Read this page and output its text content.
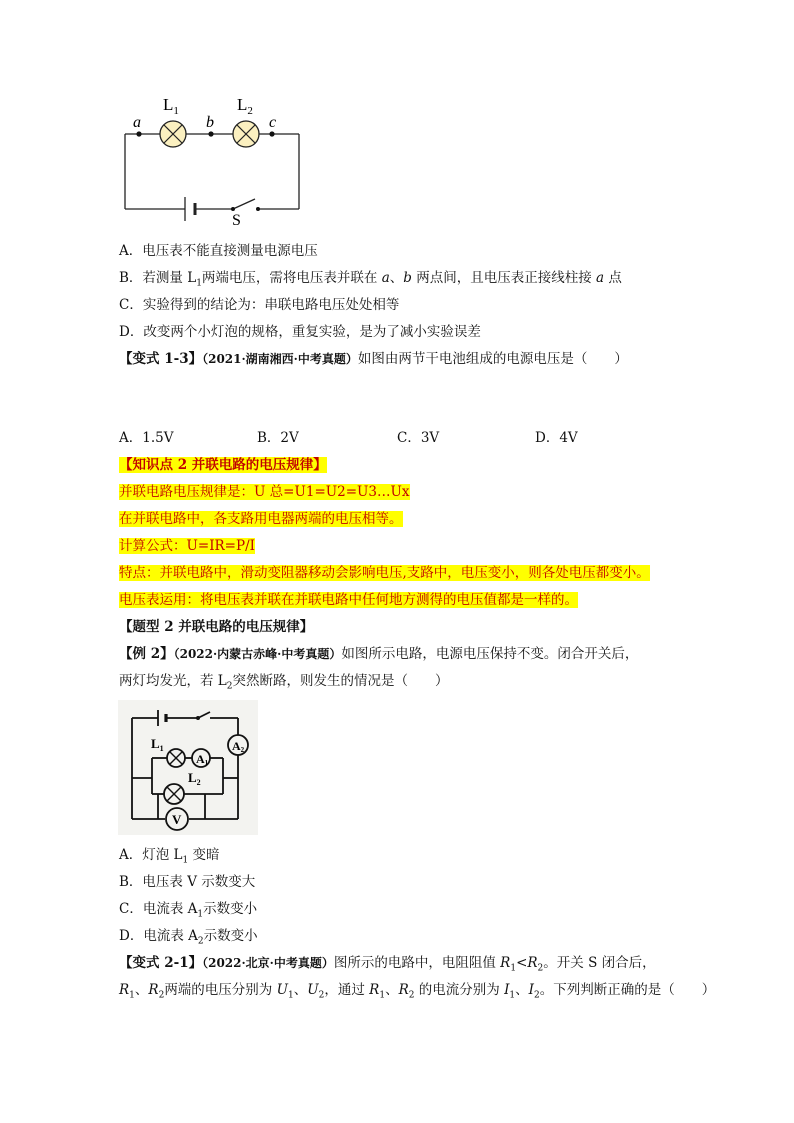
$L_1$	$L_2$
a	b	c
S
A．电压表不能直接测量电源电压
B．若测量 $L_1$两端电压，需将电压表并联在 a、b 两点间，且电压表正接线柱接 a 点
C．实验得到的结论为：串联电路电压处处相等
D．改变两个小灯泡的规格，重复实验，是为了减小实验误差
【变式 1-3】（2021·湖南湘西·中考真题）如图由两节干电池组成的电源电压是（　　）
A．1.5V	B．2V	C．3V	D．4V
【知识点 2 并联电路的电压规律】
并联电路电压规律是：U 总=U1=U2=U3…Ux
在并联电路中，各支路用电器两端的电压相等。
计算公式：U=IR=P/I
特点：并联电路中，滑动变阻器移动会影响电压,支路中，电压变小，则各处电压都变小。
电压表运用：将电压表并联在并联电路中任何地方测得的电压值都是一样的。
【题型 2 并联电路的电压规律】
【例 2】（2022·内蒙古赤峰·中考真题）如图所示电路，电源电压保持不变。闭合开关后，
两灯均发光，若 $L_2$突然断路，则发生的情况是（　　）
A1
A2
V
$L_1$
$L_2$
A．灯泡 $L_1$ 变暗
B．电压表 V 示数变大
C．电流表 $A_1$示数变小
D．电流表 $A_2$示数变小
【变式 2-1】（2022·北京·中考真题）图所示的电路中，电阻阻值 $R_1<R_2$。开关 S 闭合后，
$R_1$、$R_2$两端的电压分别为 $U_1$、$U_2$，通过 $R_1$、$R_2$ 的电流分别为 $I_1$、$I_2$。下列判断正确的是（　　）
